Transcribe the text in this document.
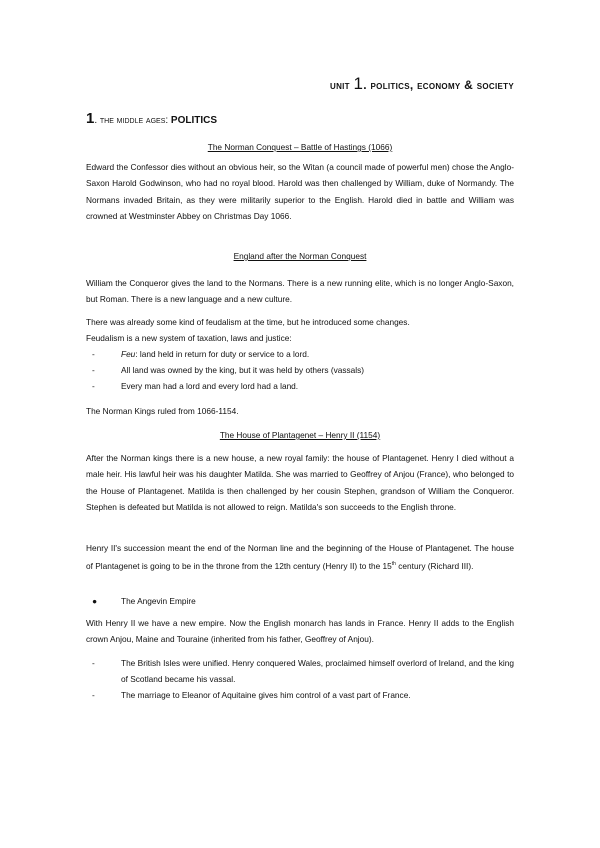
unit 1. politics, economy & society
1. the middle ages: POLITICS
The Norman Conquest – Battle of Hastings (1066)
Edward the Confessor dies without an obvious heir, so the Witan (a council made of powerful men) chose the Anglo-Saxon Harold Godwinson, who had no royal blood. Harold was then challenged by William, duke of Normandy. The Normans invaded Britain, as they were militarily superior to the English. Harold died in battle and William was crowned at Westminster Abbey on Christmas Day 1066.
England after the Norman Conquest
William the Conqueror gives the land to the Normans. There is a new running elite, which is no longer Anglo-Saxon, but Roman. There is a new language and a new culture.
There was already some kind of feudalism at the time, but he introduced some changes.
Feudalism is a new system of taxation, laws and justice:
-	Feu: land held in return for duty or service to a lord.
-	All land was owned by the king, but it was held by others (vassals)
-	Every man had a lord and every lord had a land.
The Norman Kings ruled from 1066-1154.
The House of Plantagenet – Henry II (1154)
After the Norman kings there is a new house, a new royal family: the house of Plantagenet. Henry I died without a male heir. His lawful heir was his daughter Matilda. She was married to Geoffrey of Anjou (France), who belonged to the House of Plantagenet. Matilda is then challenged by her cousin Stephen, grandson of William the Conqueror. Stephen is defeated but Matilda is not allowed to reign. Matilda's son succeeds to the English throne.
Henry II's succession meant the end of the Norman line and the beginning of the House of Plantagenet. The house of Plantagenet is going to be in the throne from the 12th century (Henry II) to the 15th century (Richard III).
●	The Angevin Empire
With Henry II we have a new empire. Now the English monarch has lands in France. Henry II adds to the English crown Anjou, Maine and Touraine (inherited from his father, Geoffrey of Anjou).
-	The British Isles were unified. Henry conquered Wales, proclaimed himself overlord of Ireland, and the king of Scotland became his vassal.
-	The marriage to Eleanor of Aquitaine gives him control of a vast part of France.
